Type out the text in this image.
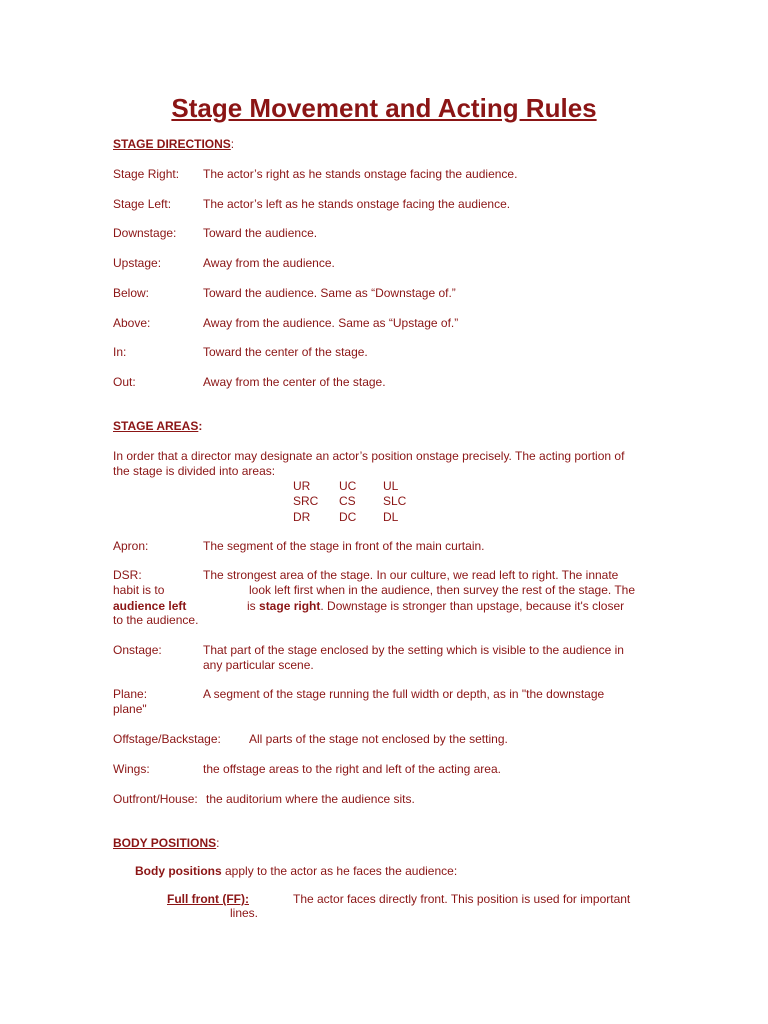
Stage Movement and Acting Rules
STAGE DIRECTIONS:
Stage Right: The actor’s right as he stands onstage facing the audience.
Stage Left:	The actor’s left as he stands onstage facing the audience.
Downstage: Toward the audience.
Upstage:	Away from the audience.
Below:	Toward the audience. Same as “Downstage of.”
Above:	Away from the audience. Same as “Upstage of.”
In:	Toward the center of the stage.
Out:	Away from the center of the stage.
STAGE AREAS:
In order that a director may designate an actor’s position onstage precisely. The acting portion of
the stage is divided into areas:
UR UC UL
SRC CS SLC
DR DC DL
Apron:	The segment of the stage in front of the main curtain.
DSR:	The strongest area of the stage. In our culture, we read left to right. The innate
habit is to	look left first when in the audience, then survey the rest of the stage. The
audience left	is stage right. Downstage is stronger than upstage, because it's closer
to the audience.
Onstage:	That part of the stage enclosed by the setting which is visible to the audience in
any particular scene.
Plane:	A segment of the stage running the full width or depth, as in "the downstage
plane"
Offstage/Backstage: All parts of the stage not enclosed by the setting.
Wings:	the offstage areas to the right and left of the acting area.
Outfront/House: the auditorium where the audience sits.
BODY POSITIONS:
Body positions apply to the actor as he faces the audience:
Full front (FF):	The actor faces directly front. This position is used for important
lines.
